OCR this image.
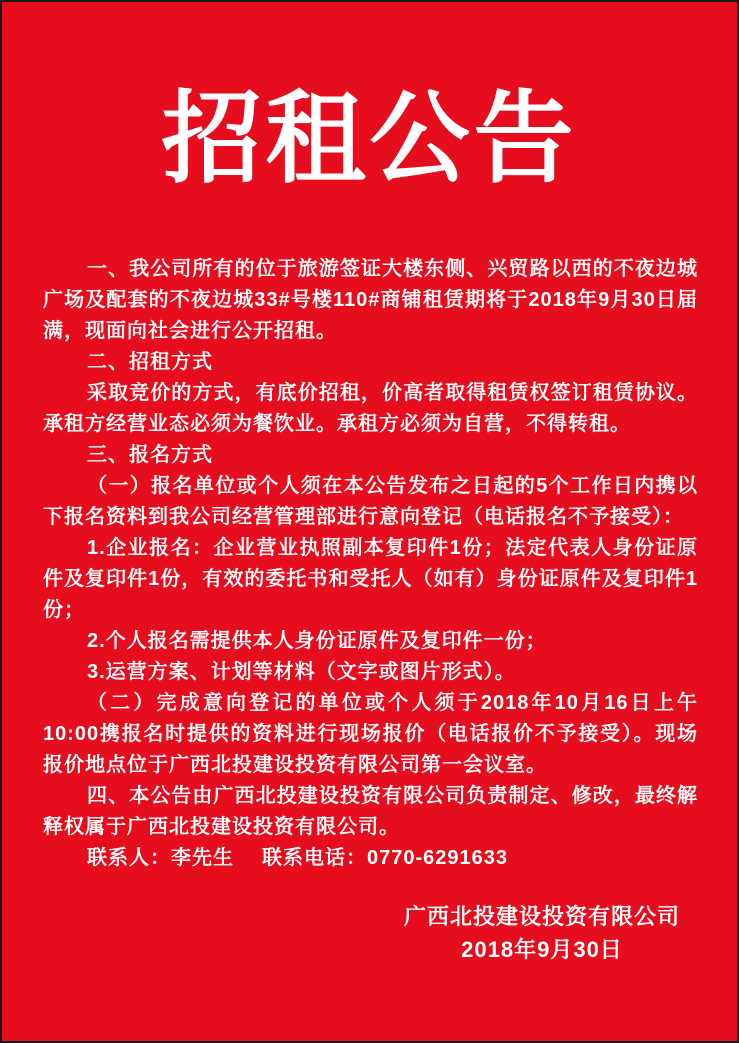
招租公告

一、我公司所有的位于旅游签证大楼东侧、兴贸路以西的不夜边城广场及配套的不夜边城33#号楼110#商铺租赁期将于2018年9月30日届满，现面向社会进行公开招租。

二、招租方式

采取竞价的方式，有底价招租，价高者取得租赁权签订租赁协议。承租方经营业态必须为餐饮业。承租方必须为自营，不得转租。

三、报名方式

（一）报名单位或个人须在本公告发布之日起的5个工作日内携以下报名资料到我公司经营管理部进行意向登记（电话报名不予接受）：

1.企业报名：企业营业执照副本复印件1份；法定代表人身份证原件及复印件1份，有效的委托书和受托人（如有）身份证原件及复印件1份；

2.个人报名需提供本人身份证原件及复印件一份；

3.运营方案、计划等材料（文字或图片形式）。

（二）完成意向登记的单位或个人须于2018年10月16日上午10:00携报名时提供的资料进行现场报价（电话报价不予接受）。现场报价地点位于广西北投建设投资有限公司第一会议室。

四、本公告由广西北投建设投资有限公司负责制定、修改，最终解释权属于广西北投建设投资有限公司。

联系人：李先生 联系电话：0770-6291633

广西北投建设投资有限公司
2018年9月30日
